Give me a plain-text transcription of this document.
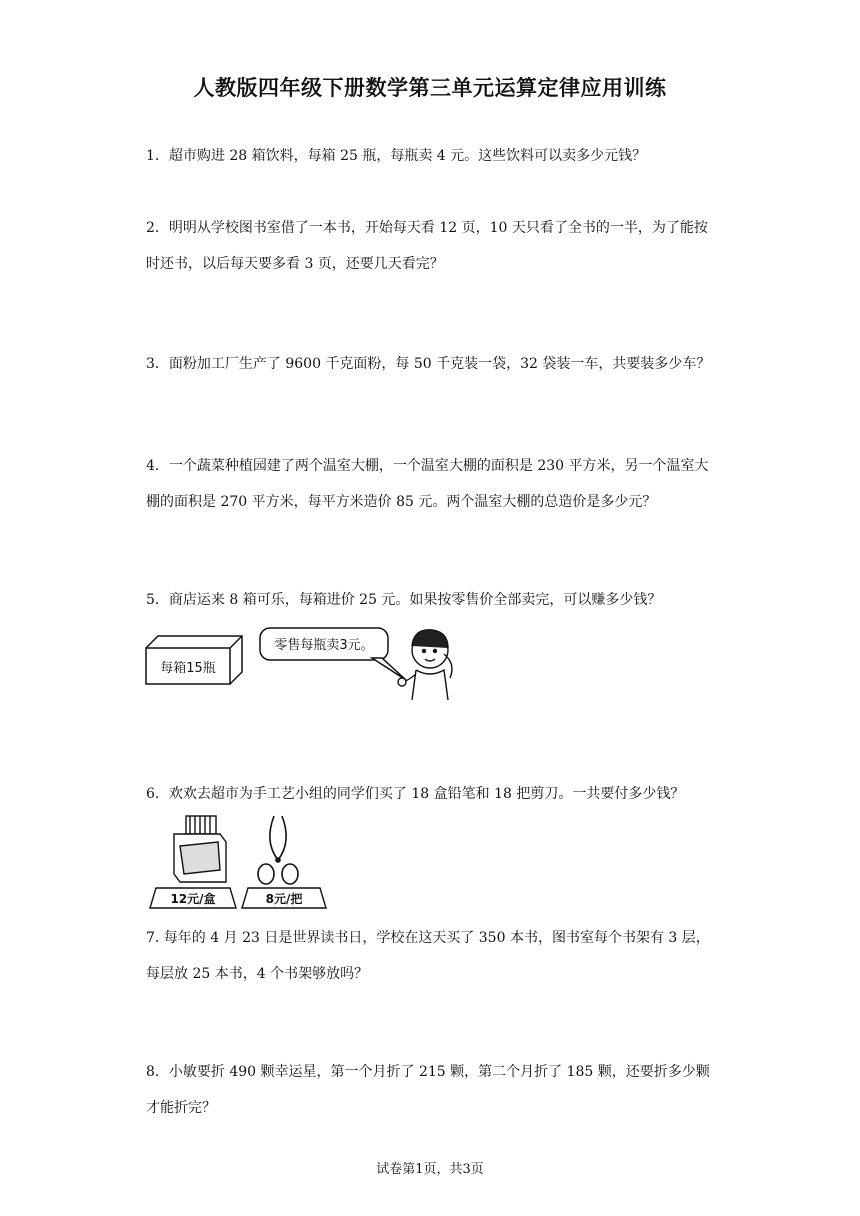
人教版四年级下册数学第三单元运算定律应用训练
1．超市购进 28 箱饮料，每箱 25 瓶，每瓶卖 4 元。这些饮料可以卖多少元钱？
2．明明从学校图书室借了一本书，开始每天看 12 页，10 天只看了全书的一半，为了能按时还书，以后每天要多看 3 页，还要几天看完？
3．面粉加工厂生产了 9600 千克面粉，每 50 千克装一袋，32 袋装一车，共要装多少车？
4．一个蔬菜种植园建了两个温室大棚，一个温室大棚的面积是 230 平方米，另一个温室大棚的面积是 270 平方米，每平方米造价 85 元。两个温室大棚的总造价是多少元？
5．商店运来 8 箱可乐，每箱进价 25 元。如果按零售价全部卖完，可以赚多少钱？
每箱15瓶
零售每瓶卖3元。
6．欢欢去超市为手工艺小组的同学们买了 18 盒铅笔和 18 把剪刀。一共要付多少钱？
12元/盒	8元/把
7. 每年的 4 月 23 日是世界读书日，学校在这天买了 350 本书，图书室每个书架有 3 层，每层放 25 本书，4 个书架够放吗？
8．小敏要折 490 颗幸运星，第一个月折了 215 颗，第二个月折了 185 颗，还要折多少颗才能折完？
试卷第1页，共3页
